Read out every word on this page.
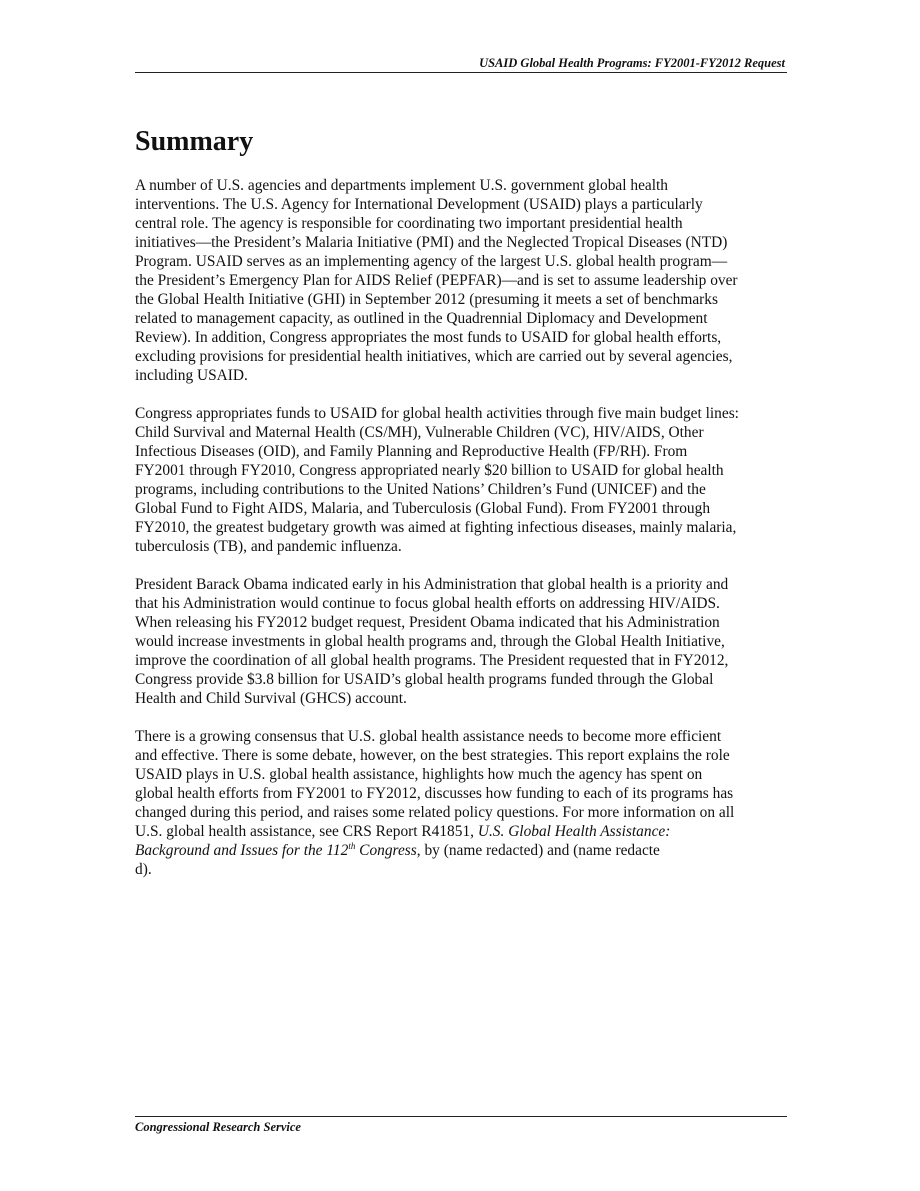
USAID Global Health Programs: FY2001-FY2012 Request
Summary

A number of U.S. agencies and departments implement U.S. government global health
interventions. The U.S. Agency for International Development (USAID) plays a particularly
central role. The agency is responsible for coordinating two important presidential health
initiatives—the President’s Malaria Initiative (PMI) and the Neglected Tropical Diseases (NTD)
Program. USAID serves as an implementing agency of the largest U.S. global health program—
the President’s Emergency Plan for AIDS Relief (PEPFAR)—and is set to assume leadership over
the Global Health Initiative (GHI) in September 2012 (presuming it meets a set of benchmarks
related to management capacity, as outlined in the Quadrennial Diplomacy and Development
Review). In addition, Congress appropriates the most funds to USAID for global health efforts,
excluding provisions for presidential health initiatives, which are carried out by several agencies,
including USAID.

Congress appropriates funds to USAID for global health activities through five main budget lines:
Child Survival and Maternal Health (CS/MH), Vulnerable Children (VC), HIV/AIDS, Other
Infectious Diseases (OID), and Family Planning and Reproductive Health (FP/RH). From
FY2001 through FY2010, Congress appropriated nearly $20 billion to USAID for global health
programs, including contributions to the United Nations’ Children’s Fund (UNICEF) and the
Global Fund to Fight AIDS, Malaria, and Tuberculosis (Global Fund). From FY2001 through
FY2010, the greatest budgetary growth was aimed at fighting infectious diseases, mainly malaria,
tuberculosis (TB), and pandemic influenza.

President Barack Obama indicated early in his Administration that global health is a priority and
that his Administration would continue to focus global health efforts on addressing HIV/AIDS.
When releasing his FY2012 budget request, President Obama indicated that his Administration
would increase investments in global health programs and, through the Global Health Initiative,
improve the coordination of all global health programs. The President requested that in FY2012,
Congress provide $3.8 billion for USAID’s global health programs funded through the Global
Health and Child Survival (GHCS) account.

There is a growing consensus that U.S. global health assistance needs to become more efficient
and effective. There is some debate, however, on the best strategies. This report explains the role
USAID plays in U.S. global health assistance, highlights how much the agency has spent on
global health efforts from FY2001 to FY2012, discusses how funding to each of its programs has
changed during this period, and raises some related policy questions. For more information on all
U.S. global health assistance, see CRS Report R41851, U.S. Global Health Assistance:
Background and Issues for the 112th Congress, by (name redacted) and (name redacte
d).

Congressional Research Service
